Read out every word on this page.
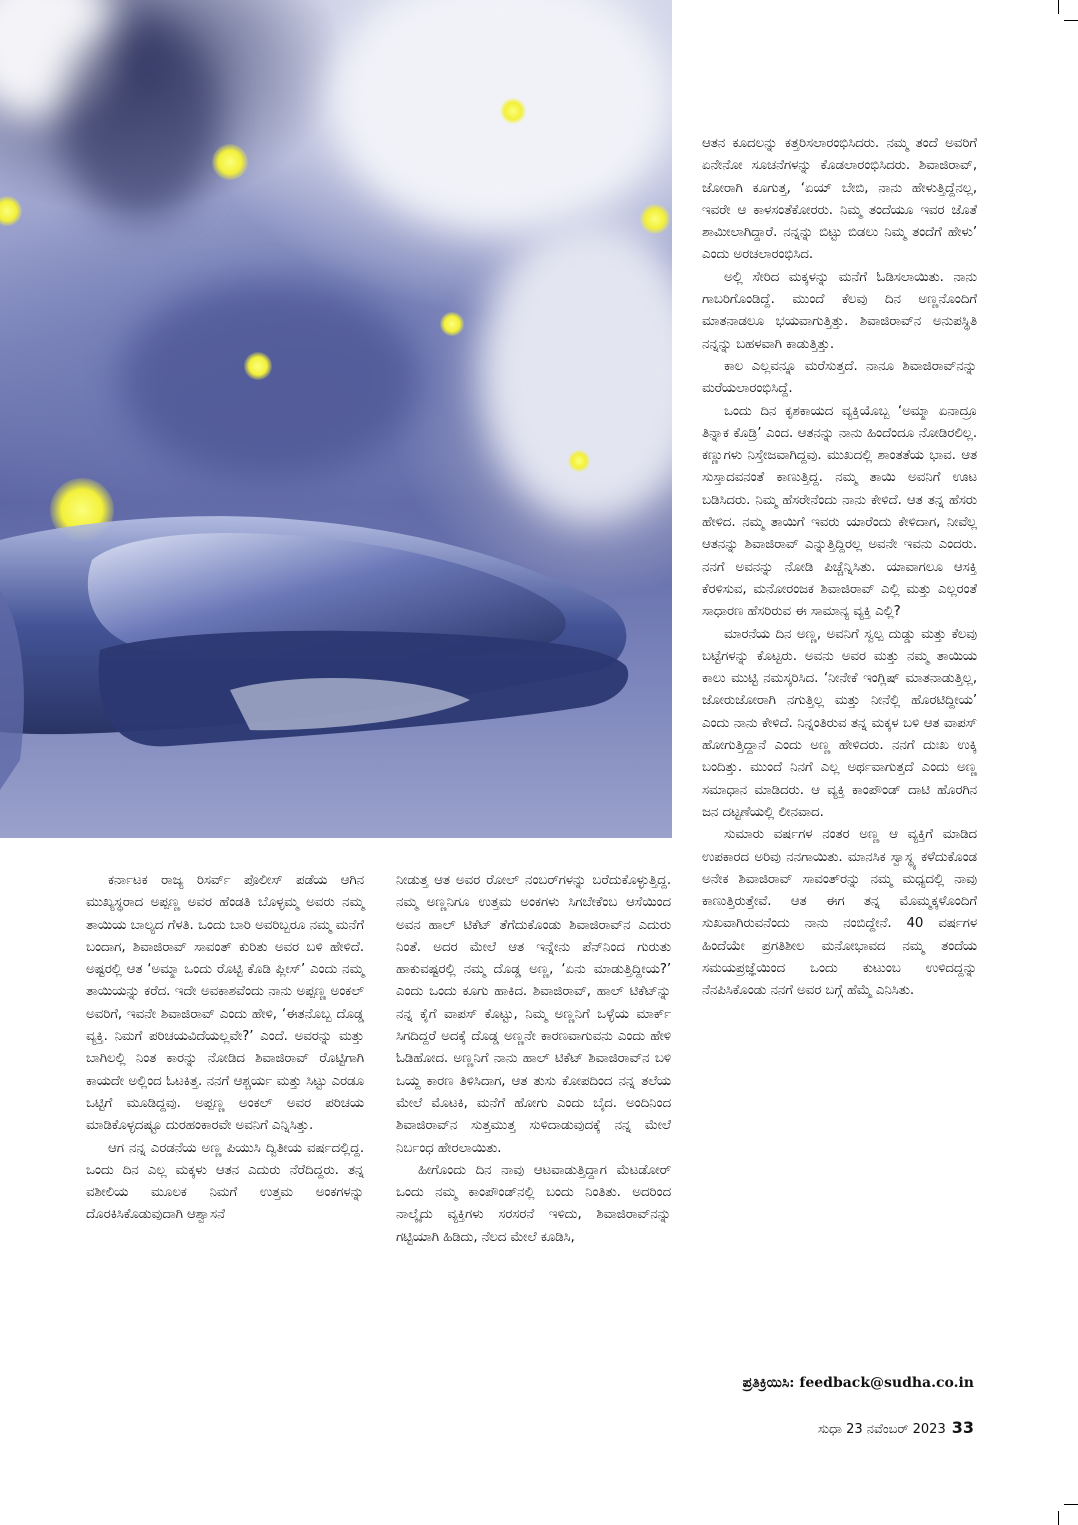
ಆತನ ಕೂದಲನ್ನು ಕತ್ತರಿಸಲಾರಂಭಿಸಿದರು. ನಮ್ಮ ತಂದೆ ಅವರಿಗೆ ಏನೇನೋ ಸೂಚನೆಗಳನ್ನು ಕೊಡಲಾರಂಭಿಸಿದರು. ಶಿವಾಜಿರಾವ್, ಜೋರಾಗಿ ಕೂಗುತ್ತ, ‘ಏಯ್ ಬೇಬಿ, ನಾನು ಹೇಳುತ್ತಿದ್ದೆನಲ್ಲ, ಇವರೇ ಆ ಕಾಳಸಂತೆಕೋರರು. ನಿಮ್ಮ ತಂದೆಯೂ ಇವರ ಜೊತೆ ಶಾಮೀಲಾಗಿದ್ದಾರೆ. ನನ್ನನ್ನು ಬಿಟ್ಟು ಬಿಡಲು ನಿಮ್ಮ ತಂದೆಗೆ ಹೇಳು’ ಎಂದು ಅರಚಲಾರಂಭಿಸಿದ.

ಅಲ್ಲಿ ಸೇರಿದ ಮಕ್ಕಳನ್ನು ಮನೆಗೆ ಓಡಿಸಲಾಯಿತು. ನಾನು ಗಾಬರಿಗೊಂಡಿದ್ದೆ. ಮುಂದೆ ಕೆಲವು ದಿನ ಅಣ್ಣನೊಂದಿಗೆ ಮಾತನಾಡಲೂ ಭಯವಾಗುತ್ತಿತ್ತು. ಶಿವಾಜಿರಾವ್‌ನ ಅನುಪಸ್ಥಿತಿ ನನ್ನನ್ನು ಬಹಳವಾಗಿ ಕಾಡುತ್ತಿತ್ತು.

ಕಾಲ ಎಲ್ಲವನ್ನೂ ಮರೆಸುತ್ತದೆ. ನಾನೂ ಶಿವಾಜಿರಾವ್‌ನನ್ನು ಮರೆಯಲಾರಂಭಿಸಿದ್ದೆ.

ಒಂದು ದಿನ ಕೃಶಕಾಯದ ವ್ಯಕ್ತಿಯೊಬ್ಬ ‘ಅಮ್ಮಾ ಏನಾದ್ರೂ ತಿನ್ನಾಕ ಕೊಡ್ರಿ’ ಎಂದ. ಆತನನ್ನು ನಾನು ಹಿಂದೆಂದೂ ನೋಡಿರಲಿಲ್ಲ. ಕಣ್ಣುಗಳು ನಿಸ್ತೇಜವಾಗಿದ್ದವು. ಮುಖದಲ್ಲಿ ಶಾಂತತೆಯ ಭಾವ. ಆತ ಸುಸ್ತಾದವನಂತೆ ಕಾಣುತ್ತಿದ್ದ. ನಮ್ಮ ತಾಯಿ ಅವನಿಗೆ ಊಟ ಬಡಿಸಿದರು. ನಿಮ್ಮ ಹೆಸರೇನೆಂದು ನಾನು ಕೇಳಿದೆ. ಆತ ತನ್ನ ಹೆಸರು ಹೇಳಿದ. ನಮ್ಮ ತಾಯಿಗೆ ಇವರು ಯಾರೆಂದು ಕೇಳಿದಾಗ, ನೀವೆಲ್ಲ ಆತನನ್ನು ಶಿವಾಜಿರಾವ್ ಎನ್ನುತ್ತಿದ್ದಿರಲ್ಲ ಅವನೇ ಇವನು ಎಂದರು. ನನಗೆ ಅವನನ್ನು ನೋಡಿ ಪಿಚ್ಚೆನ್ನಿಸಿತು. ಯಾವಾಗಲೂ ಆಸಕ್ತಿ ಕೆರಳಿಸುವ, ಮನೋರಂಜಕ ಶಿವಾಜಿರಾವ್ ಎಲ್ಲಿ ಮತ್ತು ಎಲ್ಲರಂತೆ ಸಾಧಾರಣ ಹೆಸರಿರುವ ಈ ಸಾಮಾನ್ಯ ವ್ಯಕ್ತಿ ಎಲ್ಲಿ?

ಮಾರನೆಯ ದಿನ ಅಣ್ಣ, ಅವನಿಗೆ ಸ್ವಲ್ಪ ದುಡ್ಡು ಮತ್ತು ಕೆಲವು ಬಟ್ಟೆಗಳನ್ನು ಕೊಟ್ಟರು. ಅವನು ಅವರ ಮತ್ತು ನಮ್ಮ ತಾಯಿಯ ಕಾಲು ಮುಟ್ಟಿ ನಮಸ್ಕರಿಸಿದ. ‘ನೀನೇಕೆ ಇಂಗ್ಲಿಷ್ ಮಾತನಾಡುತ್ತಿಲ್ಲ, ಜೋರುಜೋರಾಗಿ ನಗುತ್ತಿಲ್ಲ ಮತ್ತು ನೀನೆಲ್ಲಿ ಹೊರಟಿದ್ದೀಯ’ ಎಂದು ನಾನು ಕೇಳಿದೆ. ನಿನ್ನಂತಿರುವ ತನ್ನ ಮಕ್ಕಳ ಬಳಿ ಆತ ವಾಪಸ್ ಹೋಗುತ್ತಿದ್ದಾನೆ ಎಂದು ಅಣ್ಣ ಹೇಳಿದರು. ನನಗೆ ದುಃಖ ಉಕ್ಕಿ ಬಂದಿತ್ತು. ಮುಂದೆ ನಿನಗೆ ಎಲ್ಲ ಅರ್ಥವಾಗುತ್ತದೆ ಎಂದು ಅಣ್ಣ ಸಮಾಧಾನ ಮಾಡಿದರು. ಆ ವ್ಯಕ್ತಿ ಕಾಂಪೌಂಡ್ ದಾಟಿ ಹೊರಗಿನ ಜನ ದಟ್ಟಣೆಯಲ್ಲಿ ಲೀನವಾದ.

ಸುಮಾರು ವರ್ಷಗಳ ನಂತರ ಅಣ್ಣ ಆ ವ್ಯಕ್ತಿಗೆ ಮಾಡಿದ ಉಪಕಾರದ ಅರಿವು ನನಗಾಯಿತು. ಮಾನಸಿಕ ಸ್ವಾಸ್ಥ್ಯ ಕಳೆದುಕೊಂಡ ಅನೇಕ ಶಿವಾಜಿರಾವ್ ಸಾವಂತ್‌ರನ್ನು ನಮ್ಮ ಮಧ್ಯದಲ್ಲಿ ನಾವು ಕಾಣುತ್ತಿರುತ್ತೇವೆ. ಆತ ಈಗ ತನ್ನ ಮೊಮ್ಮಕ್ಕಳೊಂದಿಗೆ ಸುಖವಾಗಿರುವನೆಂದು ನಾನು ನಂಬಿದ್ದೇನೆ. 40 ವರ್ಷಗಳ ಹಿಂದೆಯೇ ಪ್ರಗತಿಶೀಲ ಮನೋಭಾವದ ನಮ್ಮ ತಂದೆಯ ಸಮಯಪ್ರಜ್ಞೆಯಿಂದ ಒಂದು ಕುಟುಂಬ ಉಳಿದದ್ದನ್ನು ನೆನಪಿಸಿಕೊಂಡು ನನಗೆ ಅವರ ಬಗ್ಗೆ ಹೆಮ್ಮೆ ಎನಿಸಿತು.

ಕರ್ನಾಟಕ ರಾಜ್ಯ ರಿಸರ್ವ್ ಪೊಲೀಸ್ ಪಡೆಯ ಆಗಿನ ಮುಖ್ಯಸ್ಥರಾದ ಅಪ್ಪಣ್ಣ ಅವರ ಹೆಂಡತಿ ಬೊಳ್ಳಮ್ಮ ಅವರು ನಮ್ಮ ತಾಯಿಯ ಬಾಲ್ಯದ ಗೆಳತಿ. ಒಂದು ಬಾರಿ ಅವರಿಬ್ಬರೂ ನಮ್ಮ ಮನೆಗೆ ಬಂದಾಗ, ಶಿವಾಜಿರಾವ್ ಸಾವಂತ್ ಕುರಿತು ಅವರ ಬಳಿ ಹೇಳಿದೆ. ಅಷ್ಟರಲ್ಲಿ ಆತ ‘ಅಮ್ಮಾ ಒಂದು ರೊಟ್ಟಿ ಕೊಡಿ ಪ್ಲೀಸ್’ ಎಂದು ನಮ್ಮ ತಾಯಿಯನ್ನು ಕರೆದ. ಇದೇ ಅವಕಾಶವೆಂದು ನಾನು ಅಪ್ಪಣ್ಣ ಅಂಕಲ್ ಅವರಿಗೆ, ಇವನೇ ಶಿವಾಜಿರಾವ್ ಎಂದು ಹೇಳಿ, ‘ಈತನೊಬ್ಬ ದೊಡ್ಡ ವ್ಯಕ್ತಿ. ನಿಮಗೆ ಪರಿಚಯವಿದೆಯಲ್ಲವೇ?’ ಎಂದೆ. ಅವರನ್ನು ಮತ್ತು ಬಾಗಿಲಲ್ಲಿ ನಿಂತ ಕಾರನ್ನು ನೋಡಿದ ಶಿವಾಜಿರಾವ್ ರೊಟ್ಟಿಗಾಗಿ ಕಾಯದೇ ಅಲ್ಲಿಂದ ಓಟಕಿತ್ತ. ನನಗೆ ಆಶ್ಚರ್ಯ ಮತ್ತು ಸಿಟ್ಟು ಎರಡೂ ಒಟ್ಟಿಗೆ ಮೂಡಿದ್ದವು. ಅಪ್ಪಣ್ಣ ಅಂಕಲ್ ಅವರ ಪರಿಚಯ ಮಾಡಿಕೊಳ್ಳದಷ್ಟೂ ದುರಹಂಕಾರವೇ ಅವನಿಗೆ ಎನ್ನಿಸಿತ್ತು.

ಆಗ ನನ್ನ ಎರಡನೆಯ ಅಣ್ಣ ಪಿಯುಸಿ ದ್ವಿತೀಯ ವರ್ಷದಲ್ಲಿದ್ದ. ಒಂದು ದಿನ ಎಲ್ಲ ಮಕ್ಕಳು ಆತನ ಎದುರು ನೆರೆದಿದ್ದರು. ತನ್ನ ವಶೀಲಿಯ ಮೂಲಕ ನಿಮಗೆ ಉತ್ತಮ ಅಂಕಗಳನ್ನು ದೊರಕಿಸಿಕೊಡುವುದಾಗಿ ಆಶ್ವಾಸನೆ

ನೀಡುತ್ತ ಆತ ಅವರ ರೋಲ್ ನಂಬರ್‌ಗಳನ್ನು ಬರೆದುಕೊಳ್ಳುತ್ತಿದ್ದ. ನಮ್ಮ ಅಣ್ಣನಿಗೂ ಉತ್ತಮ ಅಂಕಗಳು ಸಿಗಬೇಕೆಂಬ ಆಸೆಯಿಂದ ಅವನ ಹಾಲ್ ಟಿಕೆಟ್ ತೆಗೆದುಕೊಂಡು ಶಿವಾಜಿರಾವ್‌ನ ಎದುರು ನಿಂತೆ. ಅದರ ಮೇಲೆ ಆತ ಇನ್ನೇನು ಪೆನ್‌ನಿಂದ ಗುರುತು ಹಾಕುವಷ್ಟರಲ್ಲಿ ನಮ್ಮ ದೊಡ್ಡ ಅಣ್ಣ, ‘ಏನು ಮಾಡುತ್ತಿದ್ದೀಯ?’ ಎಂದು ಒಂದು ಕೂಗು ಹಾಕಿದ. ಶಿವಾಜಿರಾವ್, ಹಾಲ್ ಟಿಕೆಟ್‌ನ್ನು ನನ್ನ ಕೈಗೆ ವಾಪಸ್ ಕೊಟ್ಟು, ನಿಮ್ಮ ಅಣ್ಣನಿಗೆ ಒಳ್ಳೆಯ ಮಾರ್ಕ್ ಸಿಗದಿದ್ದರೆ ಅದಕ್ಕೆ ದೊಡ್ಡ ಅಣ್ಣನೇ ಕಾರಣವಾಗುವನು ಎಂದು ಹೇಳಿ ಓಡಿಹೋದ. ಅಣ್ಣನಿಗೆ ನಾನು ಹಾಲ್ ಟಿಕೆಟ್ ಶಿವಾಜಿರಾವ್‌ನ ಬಳಿ ಒಯ್ದ ಕಾರಣ ತಿಳಿಸಿದಾಗ, ಆತ ತುಸು ಕೋಪದಿಂದ ನನ್ನ ತಲೆಯ ಮೇಲೆ ಮೊಟಕಿ, ಮನೆಗೆ ಹೋಗು ಎಂದು ಬೈದ. ಅಂದಿನಿಂದ ಶಿವಾಜಿರಾವ್‌ನ ಸುತ್ತಮುತ್ತ ಸುಳಿದಾಡುವುದಕ್ಕೆ ನನ್ನ ಮೇಲೆ ನಿರ್ಬಂಧ ಹೇರಲಾಯಿತು.

ಹೀಗೊಂದು ದಿನ ನಾವು ಆಟವಾಡುತ್ತಿದ್ದಾಗ ಮೆಟಡೋರ್ ಒಂದು ನಮ್ಮ ಕಾಂಪೌಂಡ್‌ನಲ್ಲಿ ಬಂದು ನಿಂತಿತು. ಅದರಿಂದ ನಾಲ್ಕೈದು ವ್ಯಕ್ತಿಗಳು ಸರಸರನೆ ಇಳಿದು, ಶಿವಾಜಿರಾವ್‌ನನ್ನು ಗಟ್ಟಿಯಾಗಿ ಹಿಡಿದು, ನೆಲದ ಮೇಲೆ ಕೂಡಿಸಿ,

ಪ್ರತಿಕ್ರಿಯಿಸಿ: feedback@sudha.co.in
ಸುಧಾ 23 ನವೆಂಬರ್ 2023 33
